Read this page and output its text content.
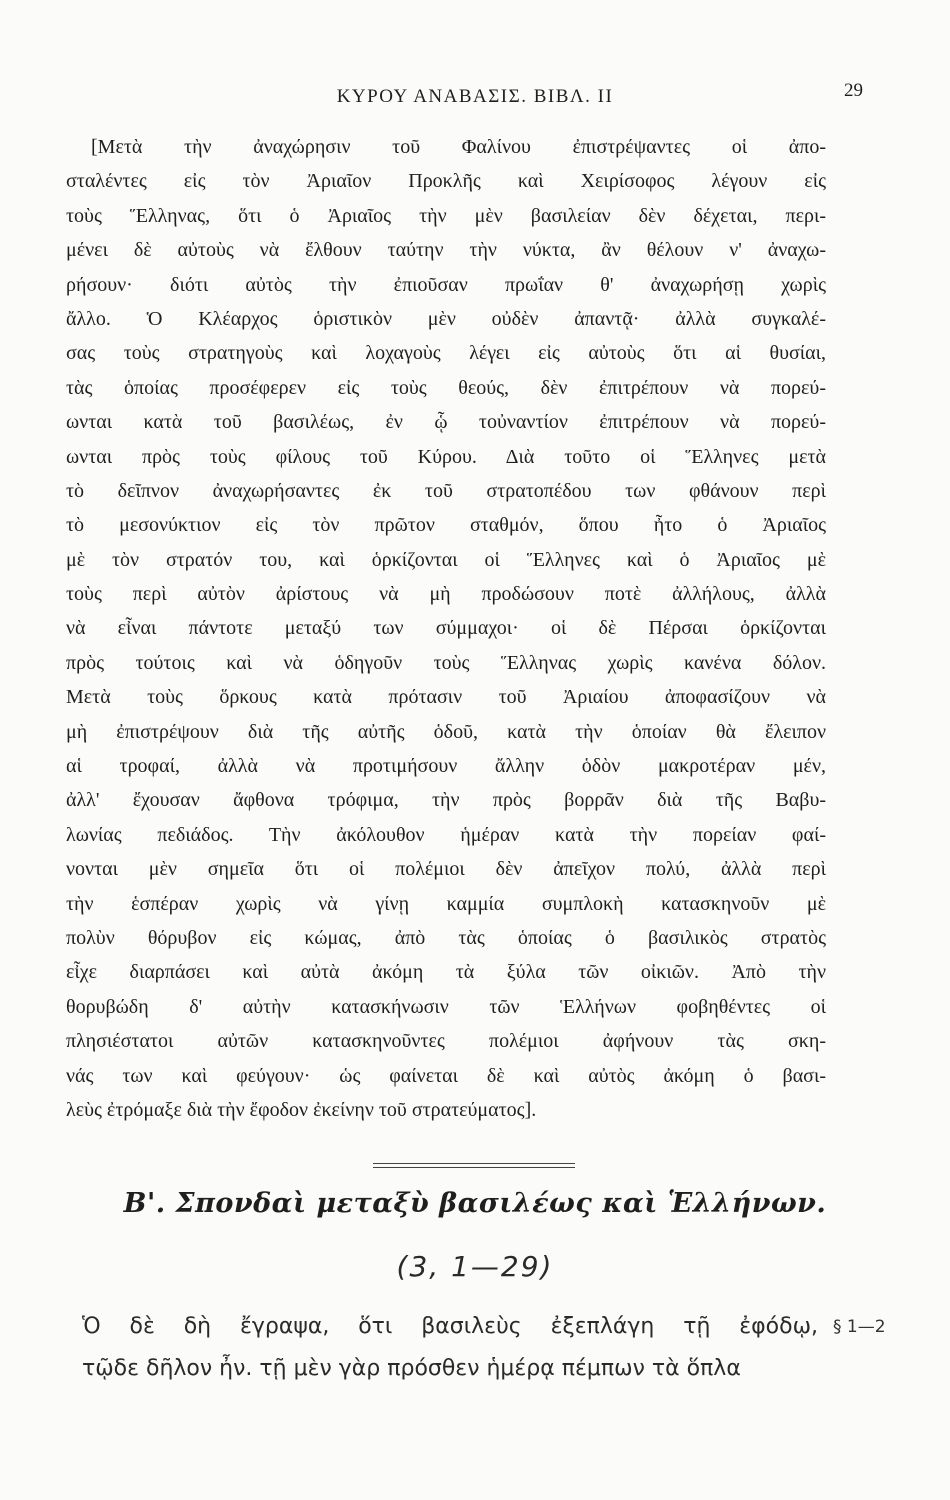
ΚΥΡΟΥ ΑΝΑΒΑΣΙΣ. ΒΙΒΛ. ΙΙ	29
[Μετὰ τὴν ἀναχώρησιν τοῦ Φαλίνου ἐπιστρέψαντες οἱ ἀπο-
σταλέντες εἰς τὸν Ἀριαῖον Προκλῆς καὶ Χειρίσοφος λέγουν εἰς
τοὺς Ἕλληνας, ὅτι ὁ Ἀριαῖος τὴν μὲν βασιλείαν δὲν δέχεται, περι-
μένει δὲ αὐτοὺς νὰ ἔλθουν ταύτην τὴν νύκτα, ἂν θέλουν ν' ἀναχω-
ρήσουν· διότι αὐτὸς τὴν ἐπιοῦσαν πρωΐαν θ' ἀναχωρήσῃ χωρὶς
ἄλλο. Ὁ Κλέαρχος ὁριστικὸν μὲν οὐδὲν ἀπαντᾷ· ἀλλὰ συγκαλέ-
σας τοὺς στρατηγοὺς καὶ λοχαγοὺς λέγει εἰς αὐτοὺς ὅτι αἱ θυσίαι,
τὰς ὁποίας προσέφερεν εἰς τοὺς θεούς, δὲν ἐπιτρέπουν νὰ πορεύ-
ωνται κατὰ τοῦ βασιλέως, ἐν ᾧ τοὐναντίον ἐπιτρέπουν νὰ πορεύ-
ωνται πρὸς τοὺς φίλους τοῦ Κύρου. Διὰ τοῦτο οἱ Ἕλληνες μετὰ
τὸ δεῖπνον ἀναχωρήσαντες ἐκ τοῦ στρατοπέδου των φθάνουν περὶ
τὸ μεσονύκτιον εἰς τὸν πρῶτον σταθμόν, ὅπου ἦτο ὁ Ἀριαῖος
μὲ τὸν στρατόν του, καὶ ὁρκίζονται οἱ Ἕλληνες καὶ ὁ Ἀριαῖος μὲ
τοὺς περὶ αὐτὸν ἀρίστους νὰ μὴ προδώσουν ποτὲ ἀλλήλους, ἀλλὰ
νὰ εἶναι πάντοτε μεταξύ των σύμμαχοι· οἱ δὲ Πέρσαι ὁρκίζονται
πρὸς τούτοις καὶ νὰ ὁδηγοῦν τοὺς Ἕλληνας χωρὶς κανένα δόλον.
Μετὰ τοὺς ὅρκους κατὰ πρότασιν τοῦ Ἀριαίου ἀποφασίζουν νὰ
μὴ ἐπιστρέψουν διὰ τῆς αὐτῆς ὁδοῦ, κατὰ τὴν ὁποίαν θὰ ἔλειπον
αἱ τροφαί, ἀλλὰ νὰ προτιμήσουν ἄλλην ὁδὸν μακροτέραν μέν,
ἀλλ' ἔχουσαν ἄφθονα τρόφιμα, τὴν πρὸς βορρᾶν διὰ τῆς Βαβυ-
λωνίας πεδιάδος. Τὴν ἀκόλουθον ἡμέραν κατὰ τὴν πορείαν φαί-
νονται μὲν σημεῖα ὅτι οἱ πολέμιοι δὲν ἀπεῖχον πολύ, ἀλλὰ περὶ
τὴν ἑσπέραν χωρὶς νὰ γίνῃ καμμία συμπλοκὴ κατασκηνοῦν μὲ
πολὺν θόρυβον εἰς κώμας, ἀπὸ τὰς ὁποίας ὁ βασιλικὸς στρατὸς
εἶχε διαρπάσει καὶ αὐτὰ ἀκόμη τὰ ξύλα τῶν οἰκιῶν. Ἀπὸ τὴν
θορυβώδη δ' αὐτὴν κατασκήνωσιν τῶν Ἑλλήνων φοβηθέντες οἱ
πλησιέστατοι αὐτῶν κατασκηνοῦντες πολέμιοι ἀφήνουν τὰς σκη-
νάς των καὶ φεύγουν· ὡς φαίνεται δὲ καὶ αὐτὸς ἀκόμη ὁ βασι-
λεὺς ἐτρόμαξε διὰ τὴν ἔφοδον ἐκείνην τοῦ στρατεύματος].
Β'. Σπονδαὶ μεταξὺ βασιλέως καὶ Ἑλλήνων.
(3, 1—29)
Ὁ δὲ δὴ ἔγραψα, ὅτι βασιλεὺς ἐξεπλάγη τῇ ἐφόδῳ,
τῷδε δῆλον ἦν. τῇ μὲν γὰρ πρόσθεν ἡμέρᾳ πέμπων τὰ ὅπλα
§ 1—2
